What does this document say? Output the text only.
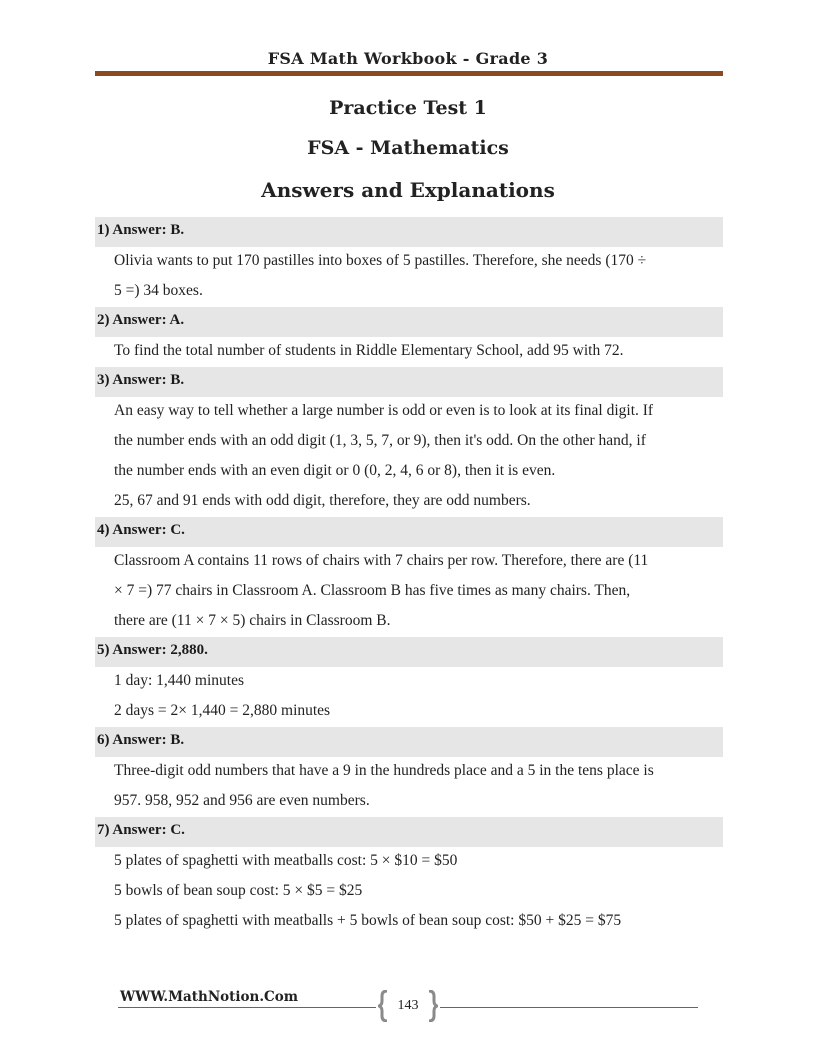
FSA Math Workbook - Grade 3
Practice Test 1
FSA - Mathematics
Answers and Explanations
1) Answer: B.
Olivia wants to put 170 pastilles into boxes of 5 pastilles. Therefore, she needs (170 ÷
5 =) 34 boxes.
2) Answer: A.
To find the total number of students in Riddle Elementary School, add 95 with 72.
3) Answer: B.
An easy way to tell whether a large number is odd or even is to look at its final digit. If
the number ends with an odd digit (1, 3, 5, 7, or 9), then it's odd. On the other hand, if
the number ends with an even digit or 0 (0, 2, 4, 6 or 8), then it is even.
25, 67 and 91 ends with odd digit, therefore, they are odd numbers.
4) Answer: C.
Classroom A contains 11 rows of chairs with 7 chairs per row. Therefore, there are (11
× 7 =) 77 chairs in Classroom A. Classroom B has five times as many chairs. Then,
there are (11 × 7 × 5) chairs in Classroom B.
5) Answer: 2,880.
1 day: 1,440 minutes
2 days = 2× 1,440 = 2,880 minutes
6) Answer: B.
Three-digit odd numbers that have a 9 in the hundreds place and a 5 in the tens place is
957. 958, 952 and 956 are even numbers.
7) Answer: C.
5 plates of spaghetti with meatballs cost: 5 × $10 = $50
5 bowls of bean soup cost: 5 × $5 = $25
5 plates of spaghetti with meatballs + 5 bowls of bean soup cost: $50 + $25 = $75
WWW.MathNotion.Com
143
